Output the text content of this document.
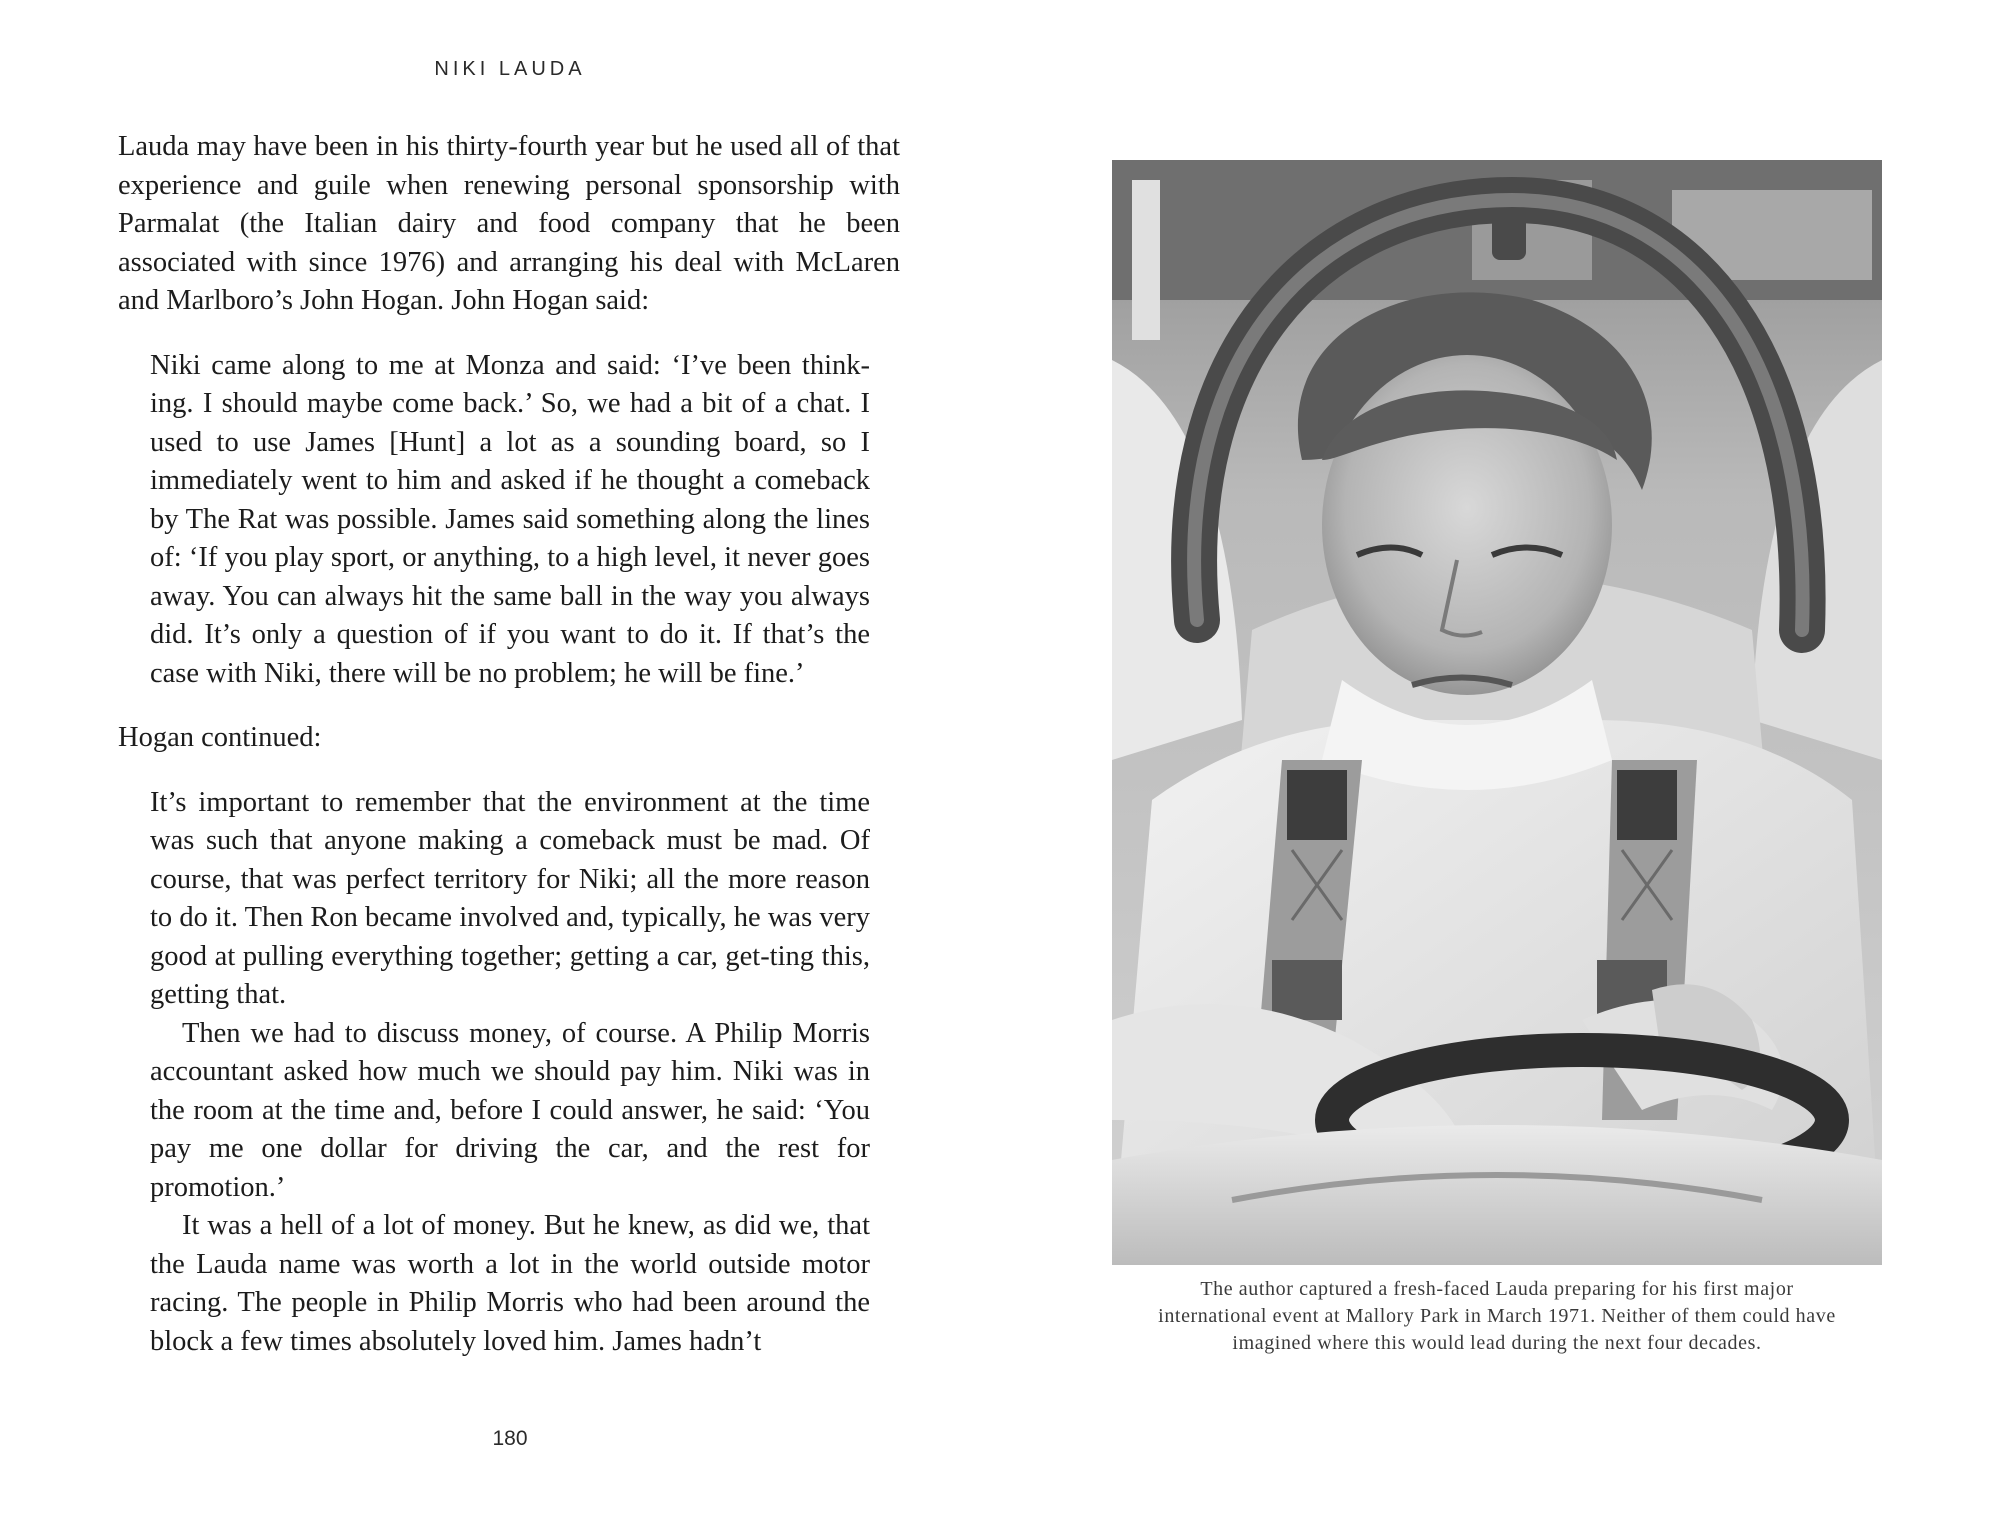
NIKI LAUDA

Lauda may have been in his thirty-fourth year but he used all of that experience and guile when renewing personal sponsorship with Parmalat (the Italian dairy and food company that he been associated with since 1976) and arranging his deal with McLaren and Marlboro’s John Hogan. John Hogan said:

Niki came along to me at Monza and said: ‘I’ve been think-ing. I should maybe come back.’ So, we had a bit of a chat. I used to use James [Hunt] a lot as a sounding board, so I immediately went to him and asked if he thought a comeback by The Rat was possible. James said something along the lines of: ‘If you play sport, or anything, to a high level, it never goes away. You can always hit the same ball in the way you always did. It’s only a question of if you want to do it. If that’s the case with Niki, there will be no problem; he will be fine.’

Hogan continued:

It’s important to remember that the environment at the time was such that anyone making a comeback must be mad. Of course, that was perfect territory for Niki; all the more reason to do it. Then Ron became involved and, typically, he was very good at pulling everything together; getting a car, get-ting this, getting that.

Then we had to discuss money, of course. A Philip Morris accountant asked how much we should pay him. Niki was in the room at the time and, before I could answer, he said: ‘You pay me one dollar for driving the car, and the rest for promotion.’

It was a hell of a lot of money. But he knew, as did we, that the Lauda name was worth a lot in the world outside motor racing. The people in Philip Morris who had been around the block a few times absolutely loved him. James hadn’t

180
The author captured a fresh-faced Lauda preparing for his first major
international event at Mallory Park in March 1971. Neither of them could have
imagined where this would lead during the next four decades.
